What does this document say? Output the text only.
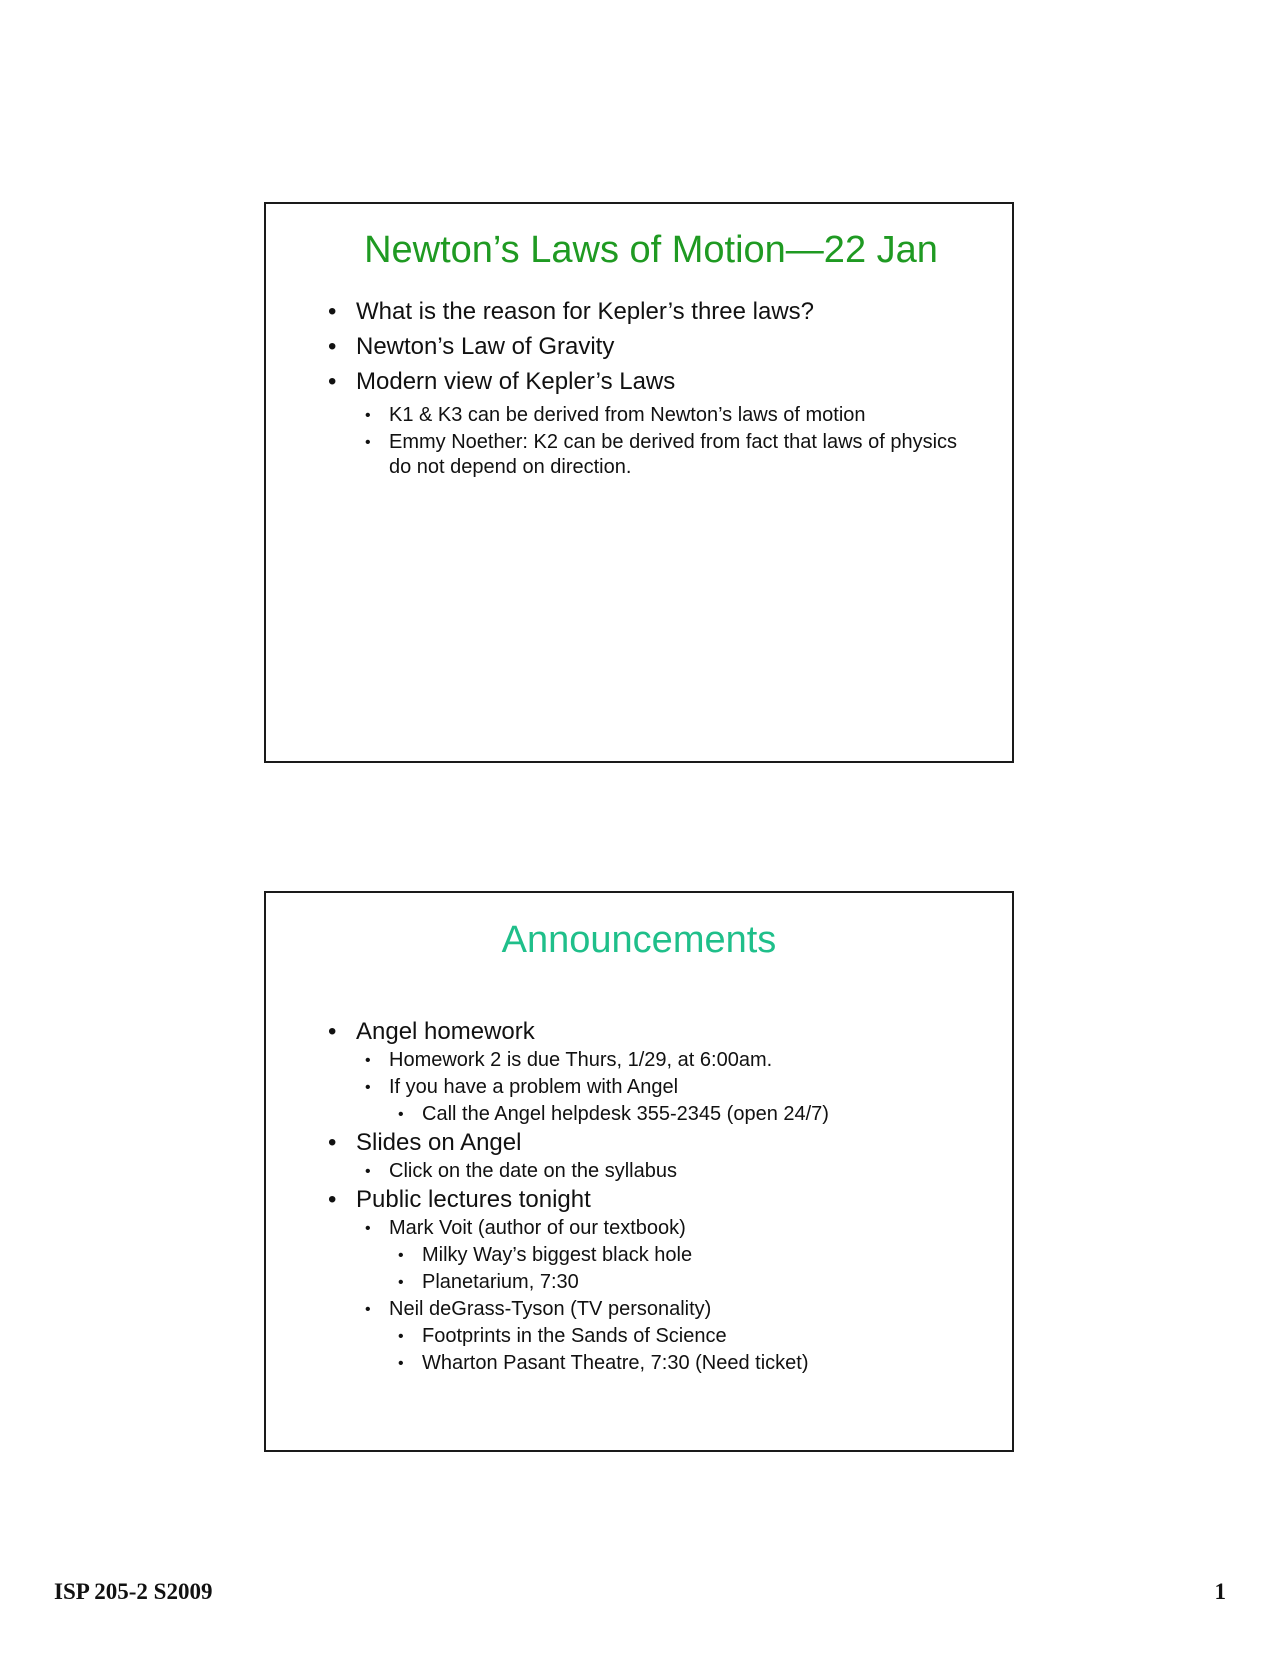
Newton’s Laws of Motion—22 Jan
• What is the reason for Kepler’s three laws?
• Newton’s Law of Gravity
• Modern view of Kepler’s Laws
• K1 & K3 can be derived from Newton’s laws of motion
• Emmy Noether: K2 can be derived from fact that laws of physics do not depend on direction.
Announcements
• Angel homework
• Homework 2 is due Thurs, 1/29, at 6:00am.
• If you have a problem with Angel
• Call the Angel helpdesk 355-2345 (open 24/7)
• Slides on Angel
• Click on the date on the syllabus
• Public lectures tonight
• Mark Voit (author of our textbook)
• Milky Way’s biggest black hole
• Planetarium, 7:30
• Neil deGrass-Tyson (TV personality)
• Footprints in the Sands of Science
• Wharton Pasant Theatre, 7:30 (Need ticket)
ISP 205-2 S2009	1
